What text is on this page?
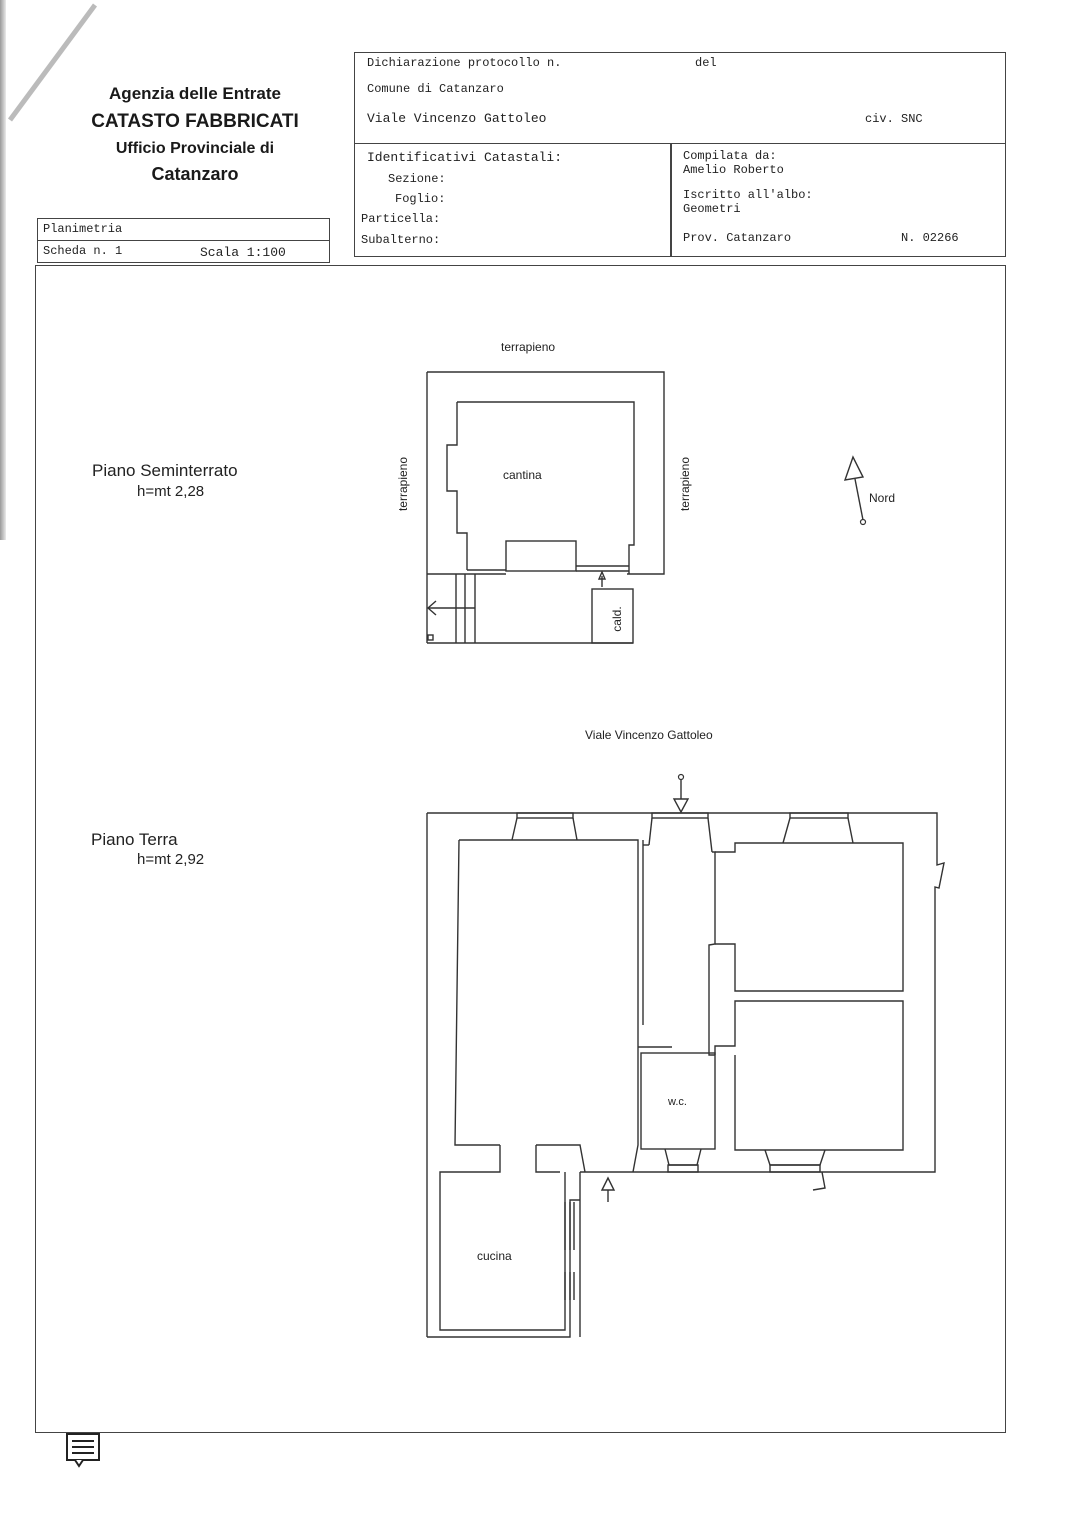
Agenzia delle Entrate
CATASTO FABBRICATI
Ufficio Provinciale di
Catanzaro
Planimetria
Scheda n. 1	Scala 1:100
Dichiarazione protocollo n.	del
Comune di Catanzaro
Viale Vincenzo Gattoleo	civ. SNC
Identificativi Catastali:
Sezione:
Foglio:
Particella:
Subalterno:
Compilata da:
Amelio Roberto
Iscritto all'albo:
Geometri
Prov. Catanzaro	N. 02266
Piano Seminterrato
h=mt 2,28
Piano Terra
h=mt 2,92
terrapieno
terrapieno	terrapieno
cantina
cald.
Nord
Viale Vincenzo Gattoleo
w.c.
cucina
